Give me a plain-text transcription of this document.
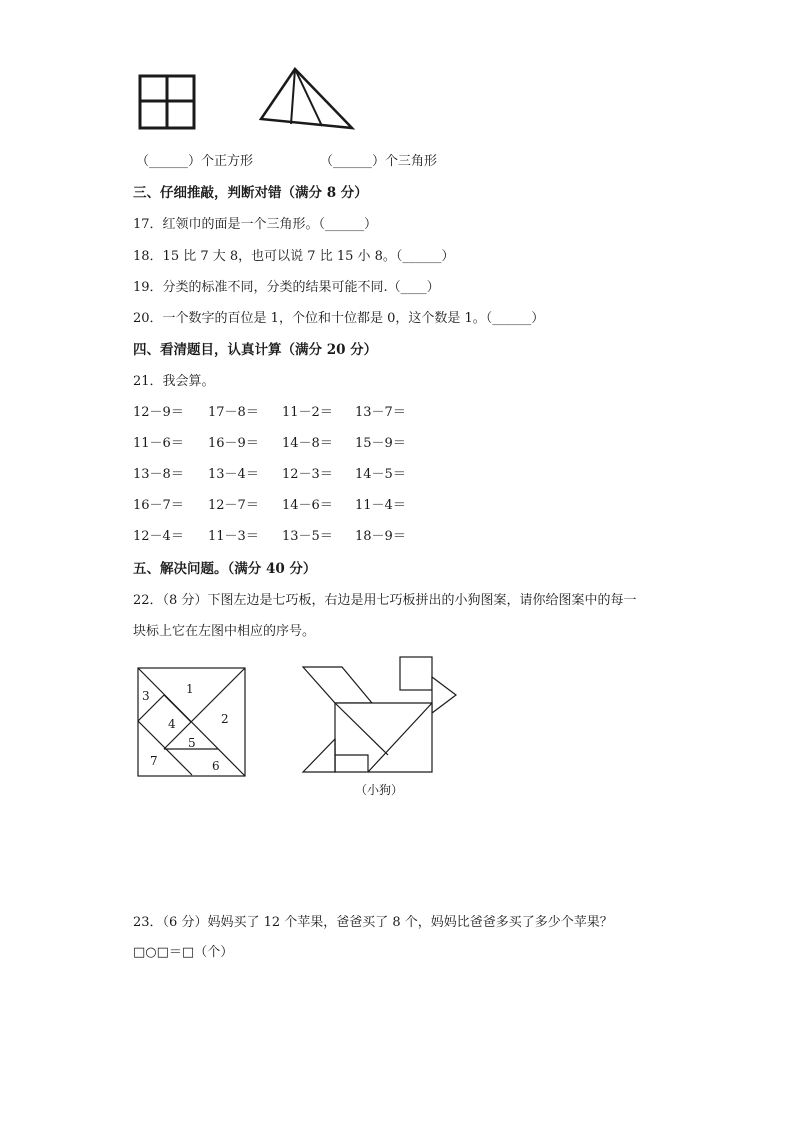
（______）个正方形	（______）个三角形
三、仔细推敲，判断对错（满分 8 分）
17．红领巾的面是一个三角形。（______）
18．15 比 7 大 8，也可以说 7 比 15 小 8。（______）
19．分类的标准不同，分类的结果可能不同.（____）
20．一个数字的百位是 1，个位和十位都是 0，这个数是 1。（______）
四、看清题目，认真计算（满分 20 分）
21．我会算。
12－9＝ 17－8＝ 11－2＝ 13－7＝
11－6＝ 16－9＝ 14－8＝ 15－9＝
13－8＝ 13－4＝ 12－3＝ 14－5＝
16－7＝ 12－7＝ 14－6＝ 11－4＝
12－4＝ 11－3＝ 13－5＝ 18－9＝
五、解决问题。（满分 40 分）
22．（8 分）下图左边是七巧板，右边是用七巧板拼出的小狗图案，请你给图案中的每一
块标上它在左图中相应的序号。
1
2
3
4
5
6
7
（小狗）
23．（6 分）妈妈买了 12 个苹果，爸爸买了 8 个，妈妈比爸爸多买了多少个苹果？
□○□＝□（个）
